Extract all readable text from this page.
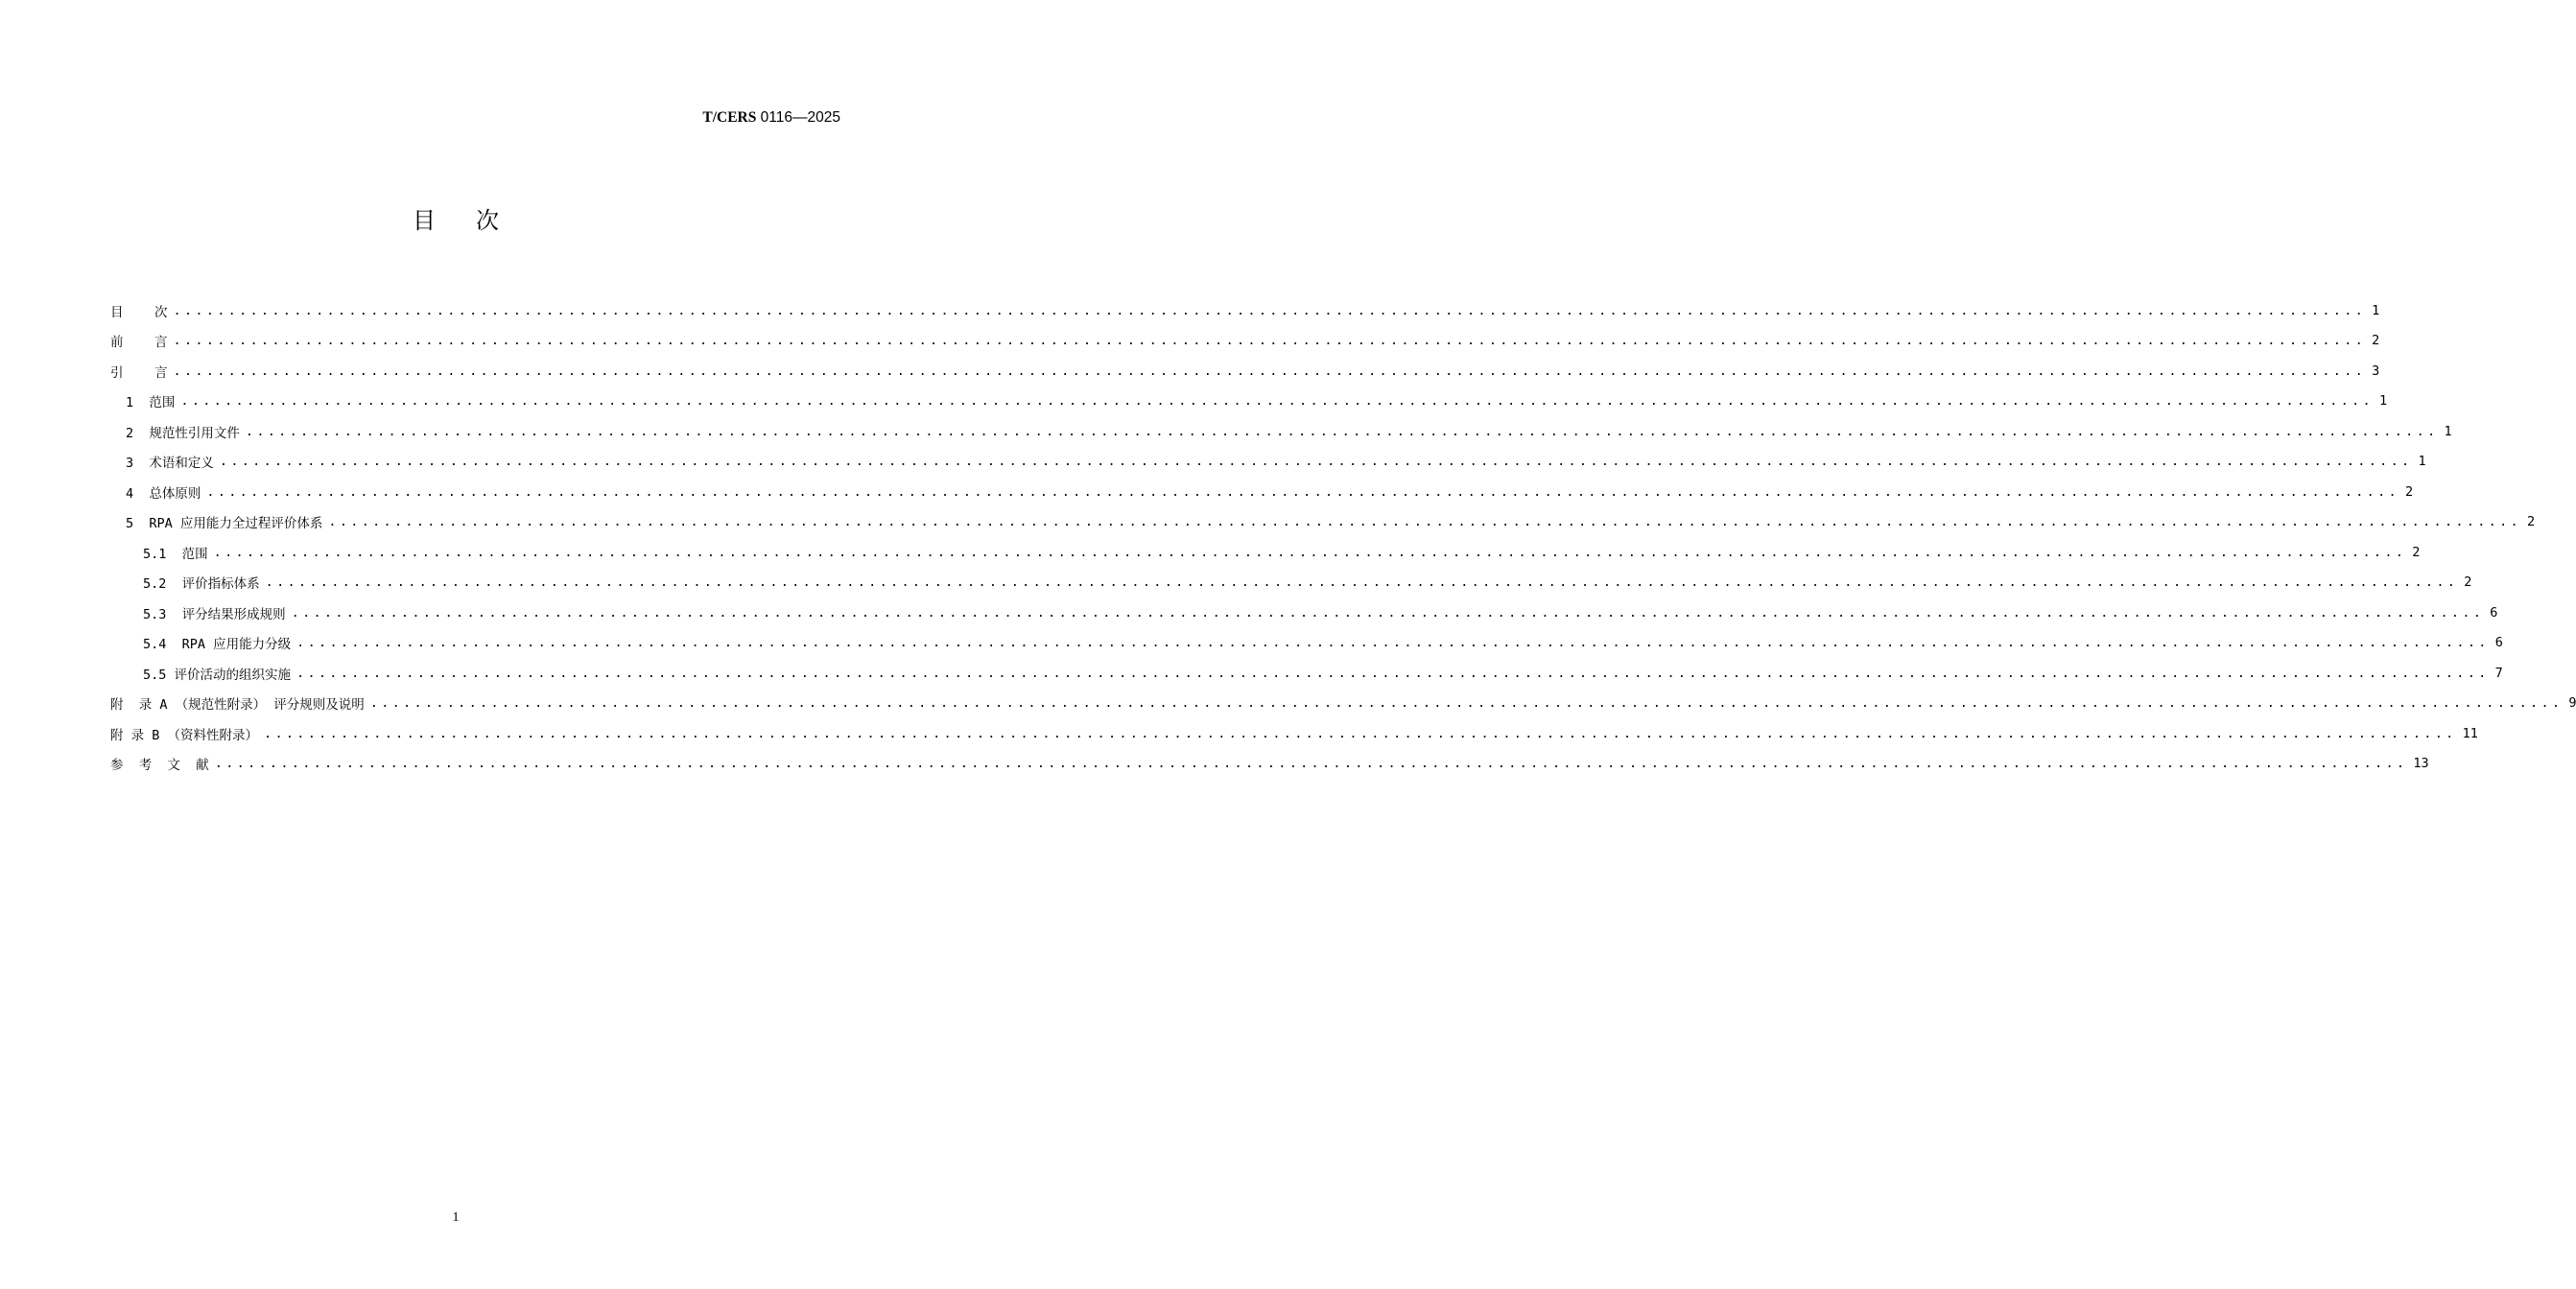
T/CERS 0116—2025
目次
目    次 ........................................................................................................................................................................................................ 1
前    言 ........................................................................................................................................................................................................ 2
引    言 ........................................................................................................................................................................................................ 3
1  范围 ........................................................................................................................................................................................................ 1
2  规范性引用文件 ........................................................................................................................................................................................................ 1
3  术语和定义 ........................................................................................................................................................................................................ 1
4  总体原则 ........................................................................................................................................................................................................ 2
5  RPA 应用能力全过程评价体系 ........................................................................................................................................................................................................ 2
5.1  范围 ........................................................................................................................................................................................................ 2
5.2  评价指标体系 ........................................................................................................................................................................................................ 2
5.3  评分结果形成规则 ........................................................................................................................................................................................................ 6
5.4  RPA 应用能力分级 ........................................................................................................................................................................................................ 6
5.5 评价活动的组织实施 ........................................................................................................................................................................................................ 7
附  录 A （规范性附录） 评分规则及说明 ........................................................................................................................................................................................................ 9
附 录 B （资料性附录） ........................................................................................................................................................................................................ 11
参  考  文  献 ........................................................................................................................................................................................................ 13
1
